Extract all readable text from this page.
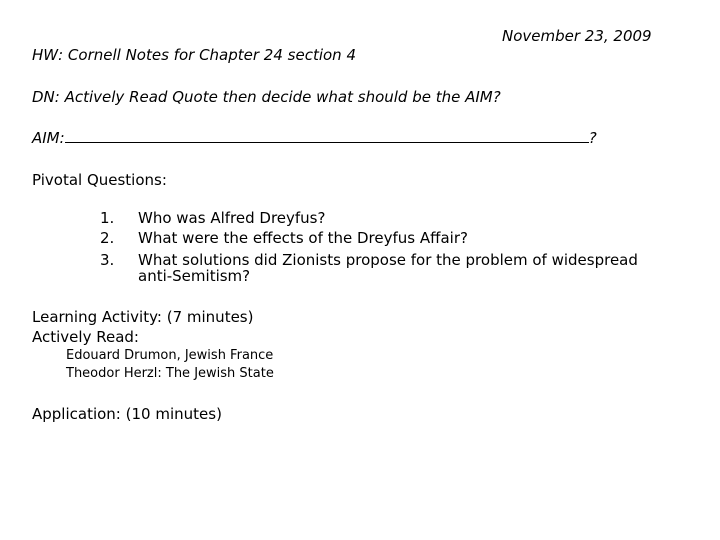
November 23, 2009
HW: Cornell Notes for Chapter 24 section 4
DN: Actively Read Quote then decide what should be the AIM?
AIM:	?
Pivotal Questions:
1. Who was Alfred Dreyfus?
2. What were the effects of the Dreyfus Affair?
3. What solutions did Zionists propose for the problem of widespread
anti-Semitism?
Learning Activity: (7 minutes)
Actively Read:
Edouard Drumon, Jewish France
Theodor Herzl: The Jewish State
Application: (10 minutes)
